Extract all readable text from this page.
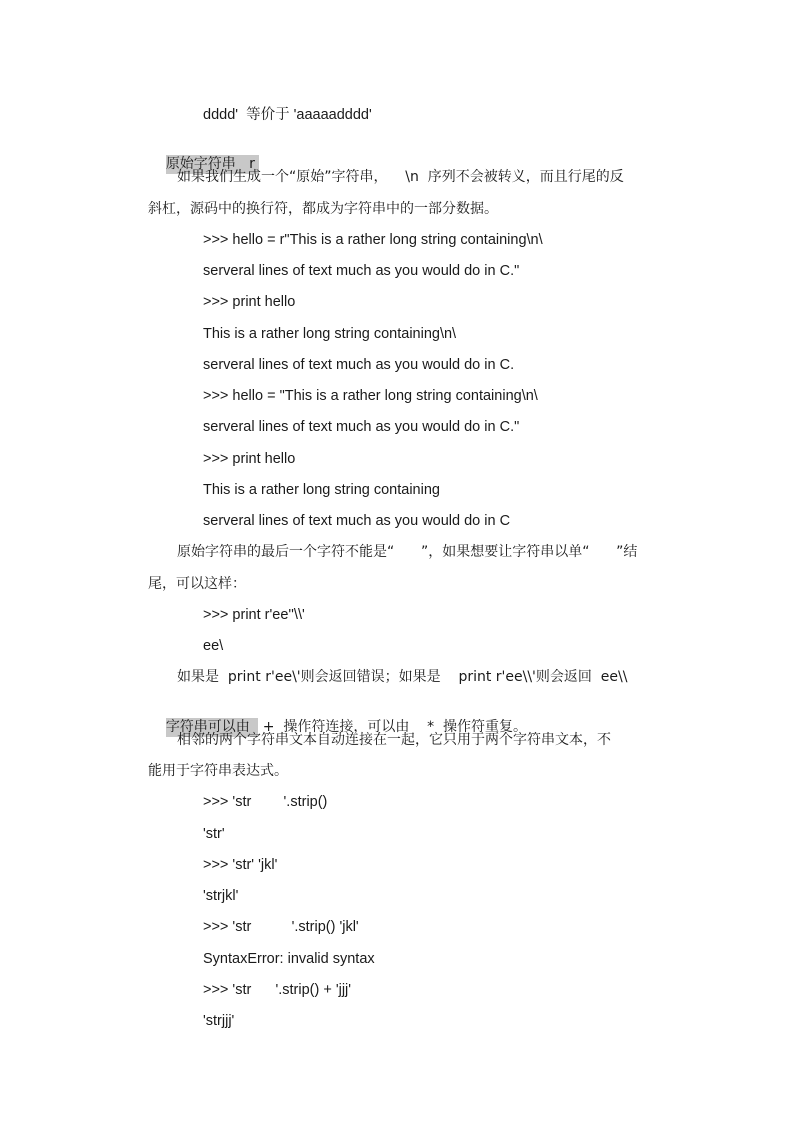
dddd'  等价于 'aaaaadddd'

原始字符串   r

如果我们生成一个“原始”字符串，    \n  序列不会被转义，而且行尾的反
斜杠，源码中的换行符，都成为字符串中的一部分数据。
>>> hello = r"This is a rather long string containing\n\
serveral lines of text much as you would do in C."
>>> print hello
This is a rather long string containing\n\
serveral lines of text much as you would do in C.
>>> hello = "This is a rather long string containing\n\
serveral lines of text much as you would do in C."
>>> print hello
This is a rather long string containing
serveral lines of text much as you would do in C
原始字符串的最后一个字符不能是“      ”，如果想要让字符串以单“      ”结
尾，可以这样：
>>> print r'ee''\\'
ee\
如果是  print r'ee\'则会返回错误；如果是    print r'ee\\'则会返回  ee\\

字符串可以由  +  操作符连接，可以由    *  操作符重复。

相邻的两个字符串文本自动连接在一起，它只用于两个字符串文本，不
能用于字符串表达式。
>>> 'str        '.strip()
'str'
>>> 'str' 'jkl'
'strjkl'
>>> 'str          '.strip() 'jkl'
SyntaxError: invalid syntax
>>> 'str      '.strip() + 'jjj'
'strjjj'
